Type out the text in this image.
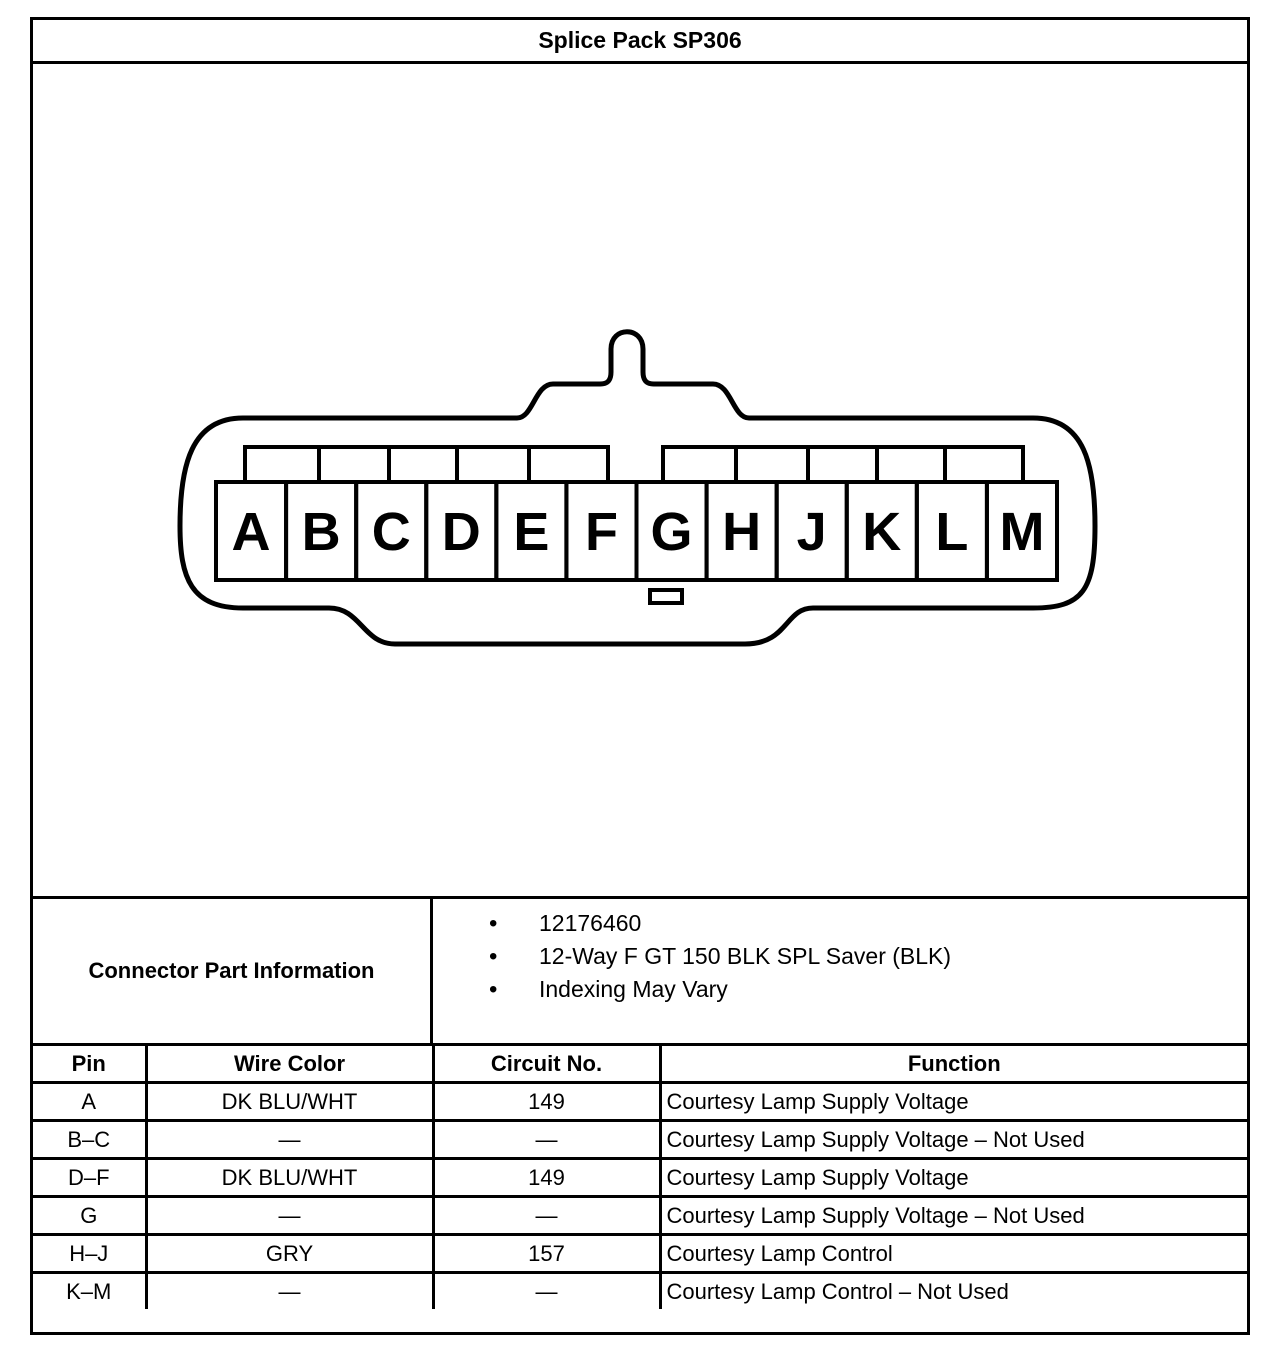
Splice Pack SP306
A B C D E F G H J K L M
Connector Part Information
• 12176460
• 12-Way F GT 150 BLK SPL Saver (BLK)
• Indexing May Vary
Pin	Wire Color	Circuit No.	Function
A	DK BLU/WHT	149	Courtesy Lamp Supply Voltage
B–C	—	—	Courtesy Lamp Supply Voltage – Not Used
D–F	DK BLU/WHT	149	Courtesy Lamp Supply Voltage
G	—	—	Courtesy Lamp Supply Voltage – Not Used
H–J	GRY	157	Courtesy Lamp Control
K–M	—	—	Courtesy Lamp Control – Not Used
